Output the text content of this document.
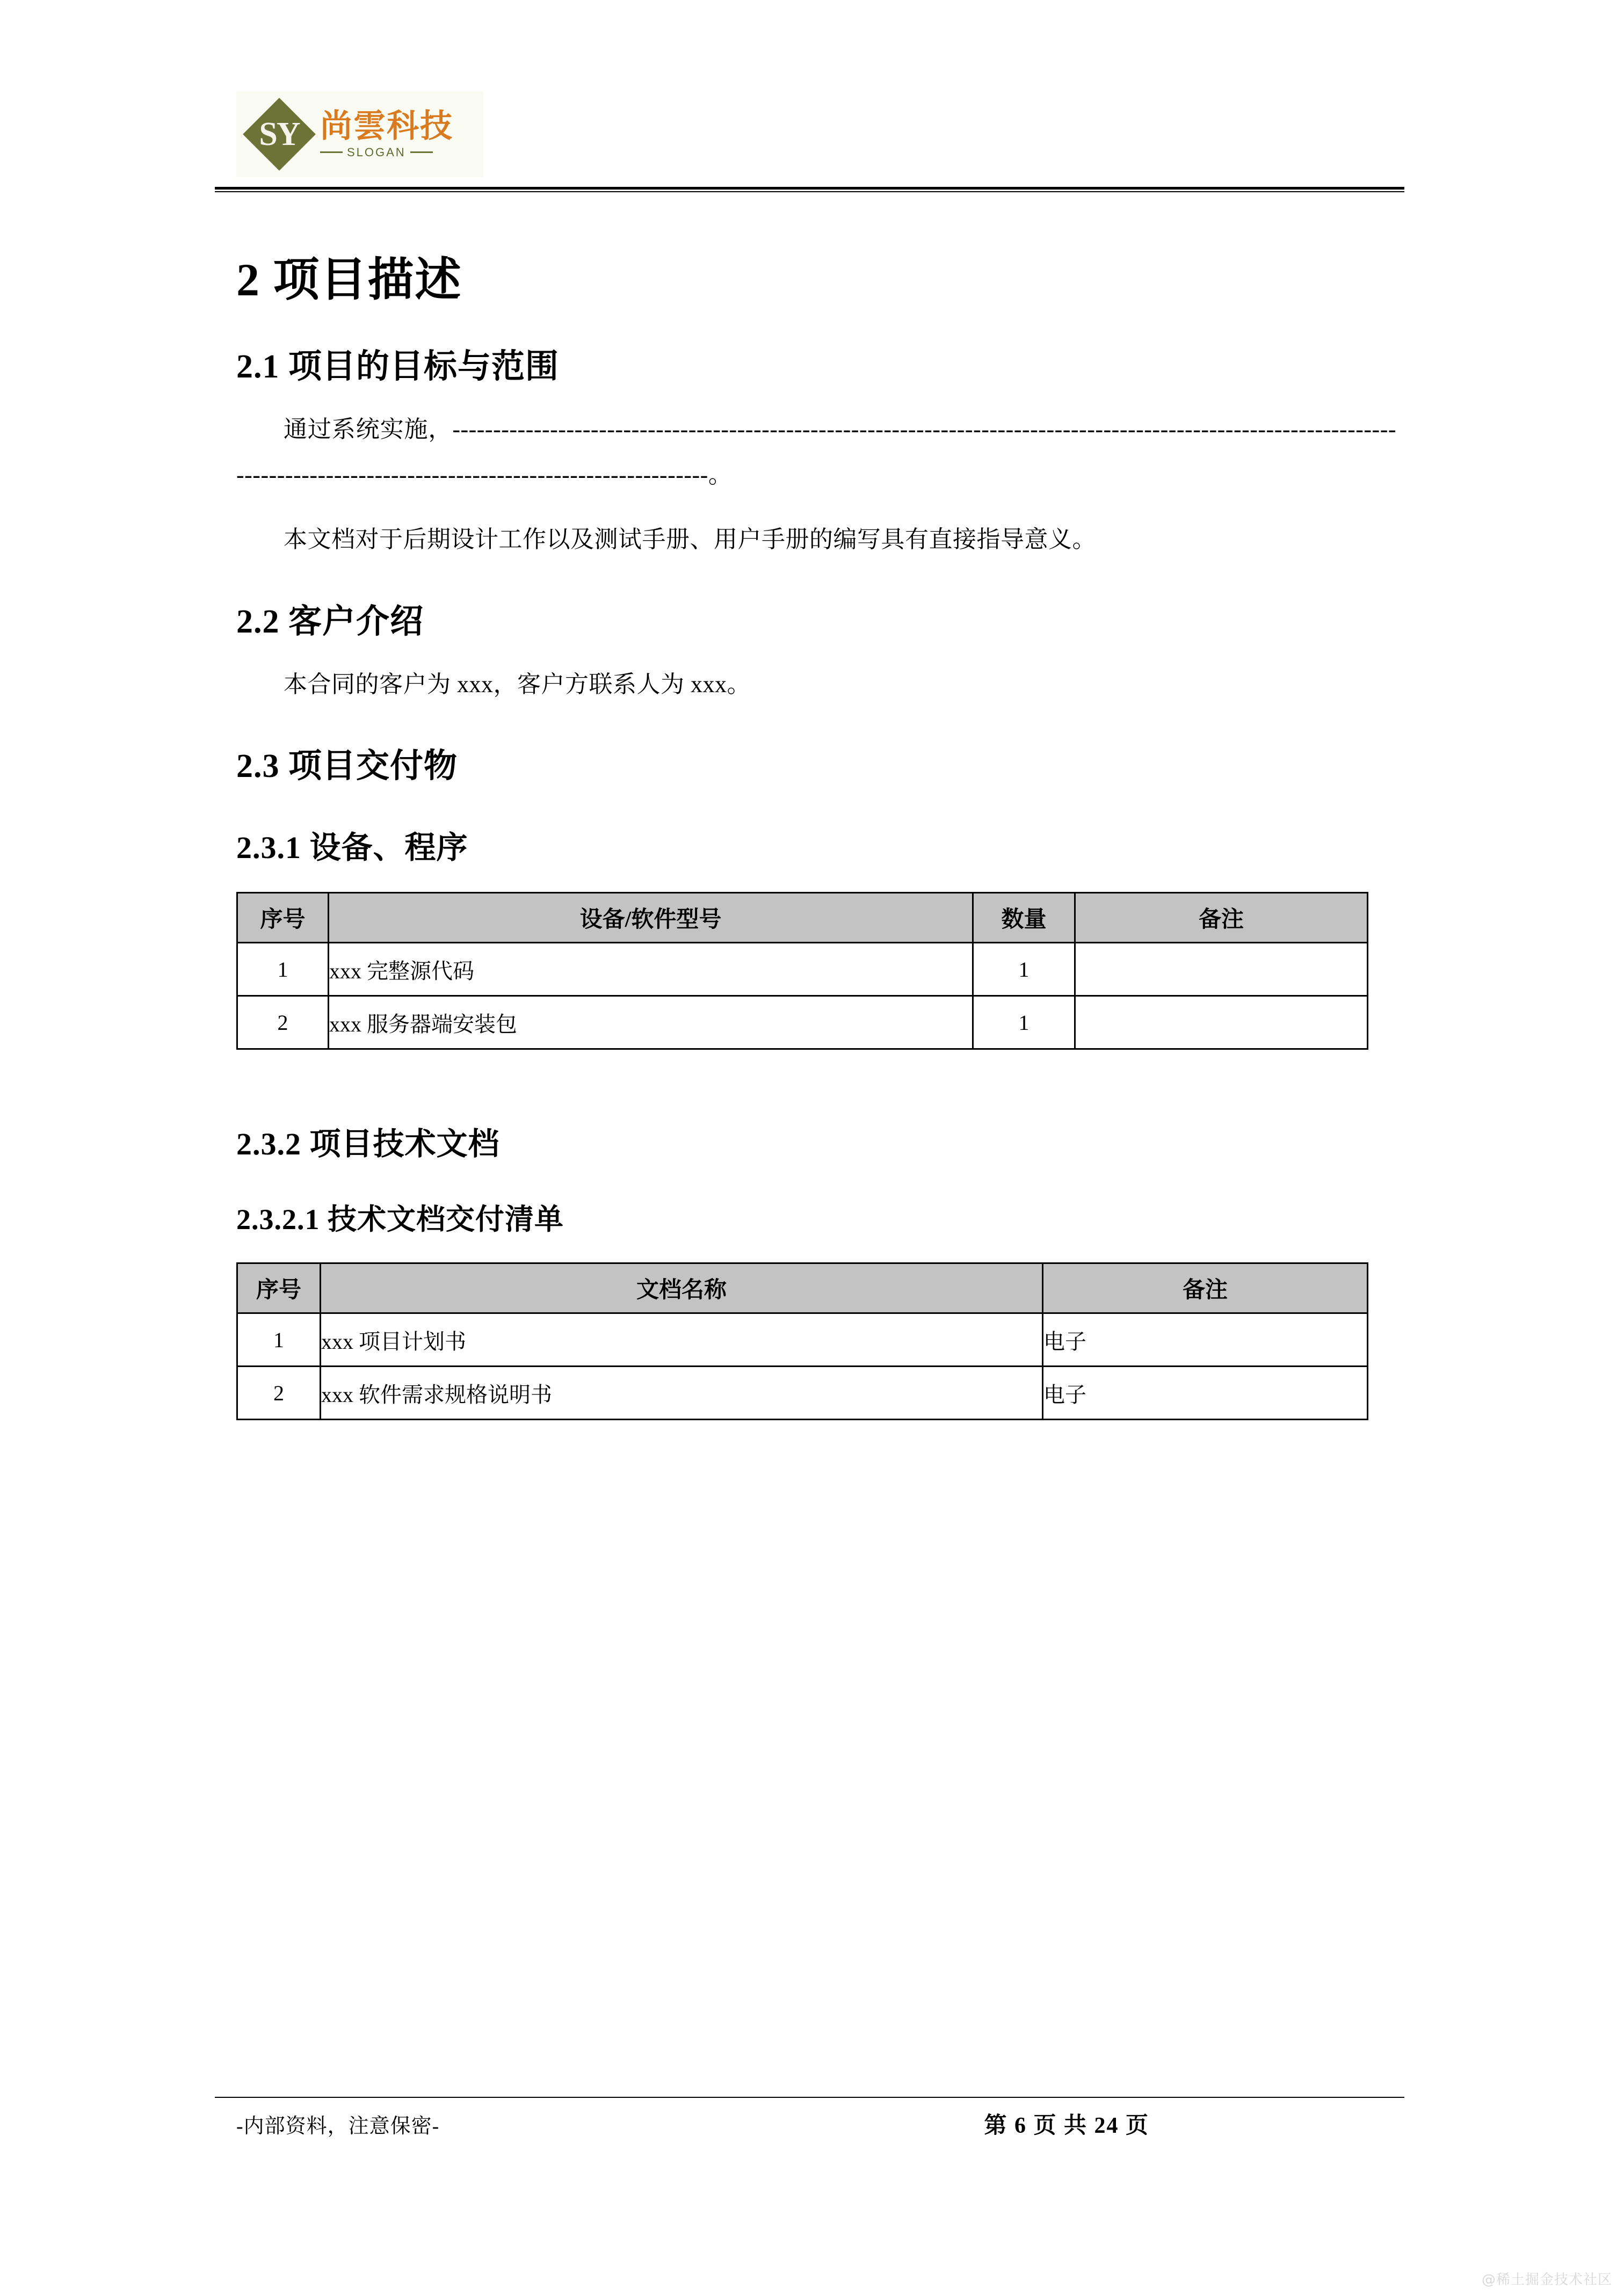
SY 尚雲科技
SLOGAN
2 项目描述
2.1 项目的目标与范围

通过系统实施，------------------------------------------------------------------------------------------------------------------------------------------------------------------------------。

本文档对于后期设计工作以及测试手册、用户手册的编写具有直接指导意义。

2.2 客户介绍

本合同的客户为 xxx，客户方联系人为 xxx。

2.3 项目交付物
2.3.1 设备、程序
序号	设备/软件型号	数量	备注
1	xxx 完整源代码	1	
2	xxx 服务器端安装包	1	
2.3.2 项目技术文档
2.3.2.1 技术文档交付清单
序号	文档名称	备注
1	xxx 项目计划书	电子
2	xxx 软件需求规格说明书	电子
-内部资料，注意保密-	第 6 页 共 24 页
@稀土掘金技术社区
